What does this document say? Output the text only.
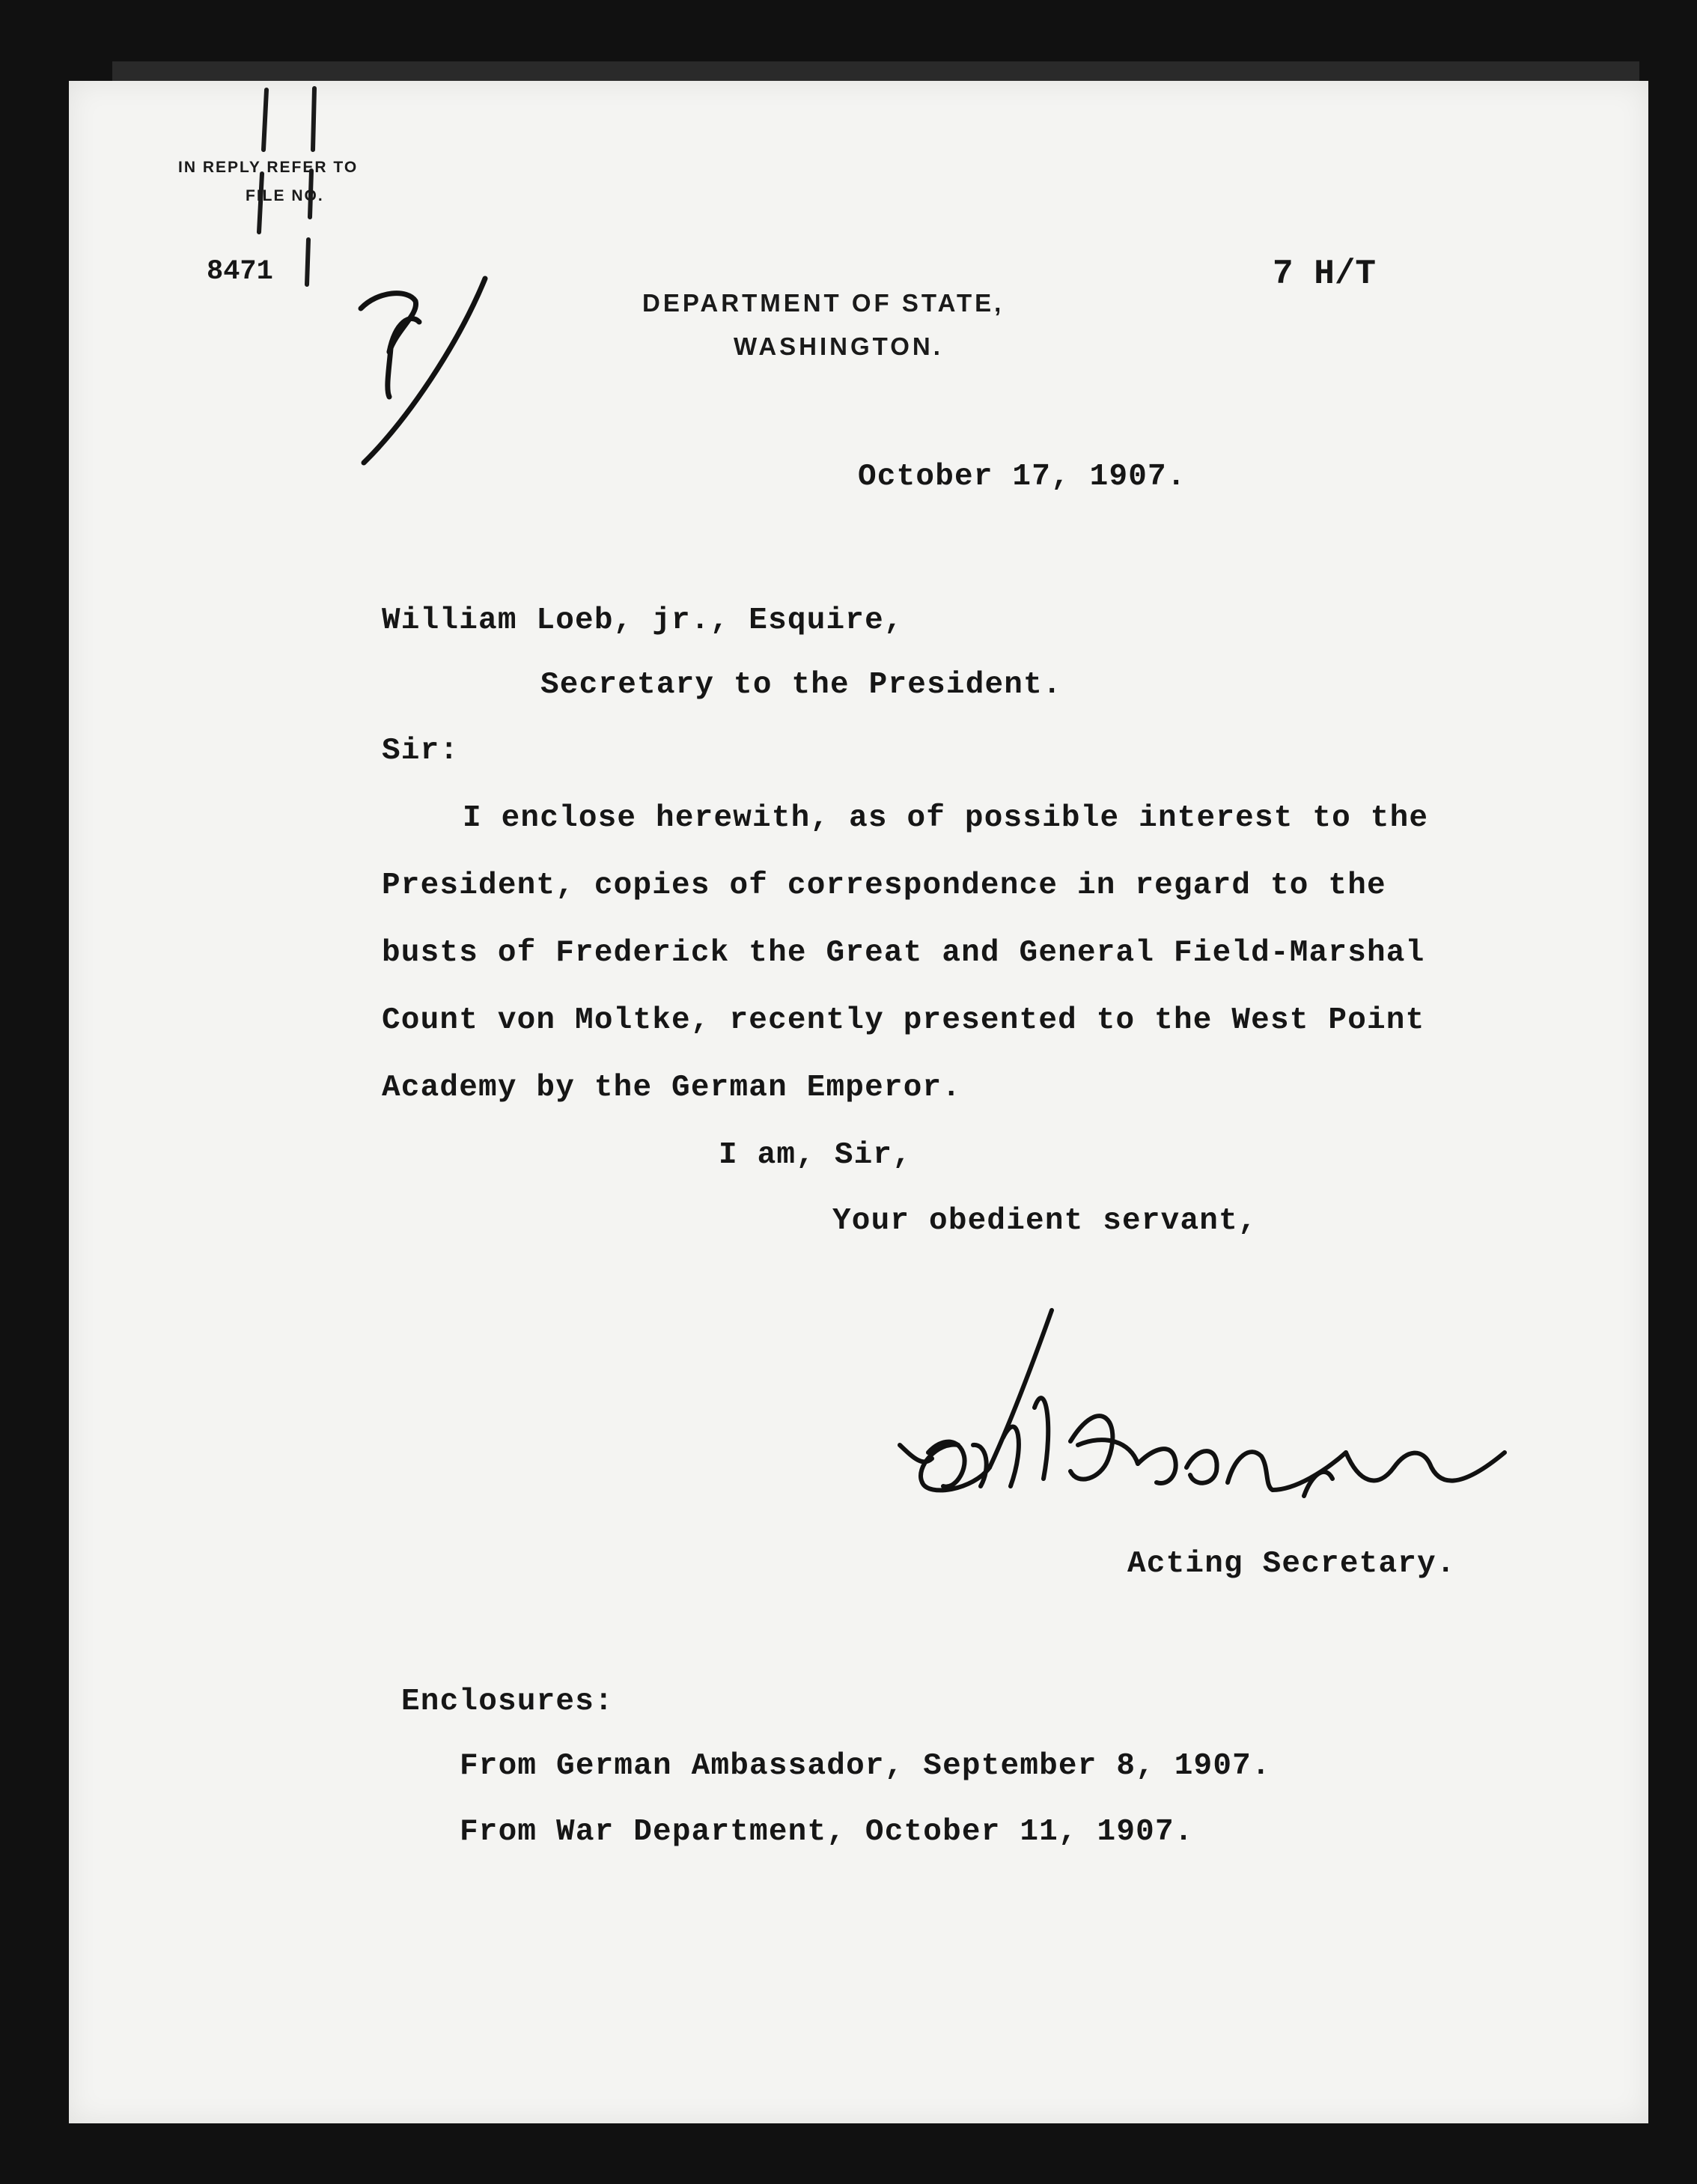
IN REPLY REFER TO
FILE NO.
8471	7 H/T
DEPARTMENT OF STATE,
WASHINGTON.
October 17, 1907.
William Loeb, jr., Esquire,
Secretary to the President.
Sir:
I enclose herewith, as of possible interest to the
President, copies of correspondence in regard to the
busts of Frederick the Great and General Field-Marshal
Count von Moltke, recently presented to the West Point
Academy by the German Emperor.
I am, Sir,
Your obedient servant,
Acting Secretary.
Enclosures:
From German Ambassador, September 8, 1907.
From War Department, October 11, 1907.
